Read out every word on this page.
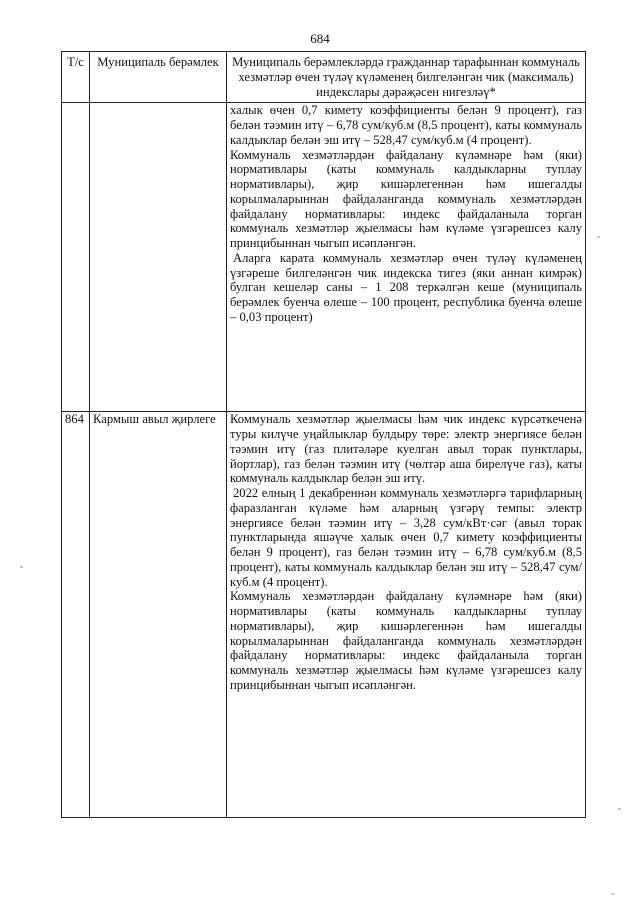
684
Т/с	Муниципаль берәмлек	Муниципаль берәмлекләрдә гражданнар тарафыннан коммуналь хезмәтләр өчен түләү күләменең билгеләнгән чик (максималь) индекслары дәрәҗәсен нигезләү*

		халык өчен 0,7 кимету коэффициенты белән 9 процент), газ белән тәэмин итү – 6,78 сум/куб.м (8,5 процент), каты коммуналь калдыклар белән эш итү – 528,47 сум/куб.м (4 процент).

Коммуналь хезмәтләрдән файдалану күләмнәре һәм (яки) нормативлары (каты коммуналь калдыкларны туплау нормативлары), җир кишәрлегеннән һәм ишегалды корылмаларыннан файдаланганда коммуналь хезмәтләрдән файдалану нормативлары: индекс файдаланыла торган коммуналь хезмәтләр җыелмасы һәм күләме үзгәрешсез калу принцибыннан чыгып исәпләнгән.

Аларга карата коммуналь хезмәтләр өчен түләү күләменең үзгәреше билгеләнгән чик индекска тигез (яки аннан кимрәк) булган кешеләр саны – 1 208 теркәлгән кеше (муниципаль берәмлек буенча өлеше – 100 процент, республика буенча өлеше – 0,03 процент)

864	Кармыш авыл җирлеге	Коммуналь хезмәтләр җыелмасы һәм чик индекс күрсәткеченә туры килүче уңайлыклар булдыру төре: электр энергиясе белән тәэмин итү (газ плитәләре куелган авыл торак пунктлары, йортлар), газ белән тәэмин итү (чөлтәр аша бирелүче газ), каты коммуналь калдыклар белән эш итү.

2022 елның 1 декабреннән коммуналь хезмәтләргә тарифларның фаразланган күләме һәм аларның үзгәрү темпы: электр энергиясе белән тәэмин итү – 3,28 сум/кВт·сәг (авыл торак пунктларында яшәүче халык өчен 0,7 кимету коэффициенты белән 9 процент), газ белән тәэмин итү – 6,78 сум/куб.м (8,5 процент), каты коммуналь калдыклар белән эш итү – 528,47 сум/куб.м (4 процент).

Коммуналь хезмәтләрдән файдалану күләмнәре һәм (яки) нормативлары (каты коммуналь калдыкларны туплау нормативлары), җир кишәрлегеннән һәм ишегалды корылмаларыннан файдаланганда коммуналь хезмәтләрдән файдалану нормативлары: индекс файдаланыла торган коммуналь хезмәтләр җыелмасы һәм күләме үзгәрешсез калу принцибыннан чыгып исәпләнгән.
